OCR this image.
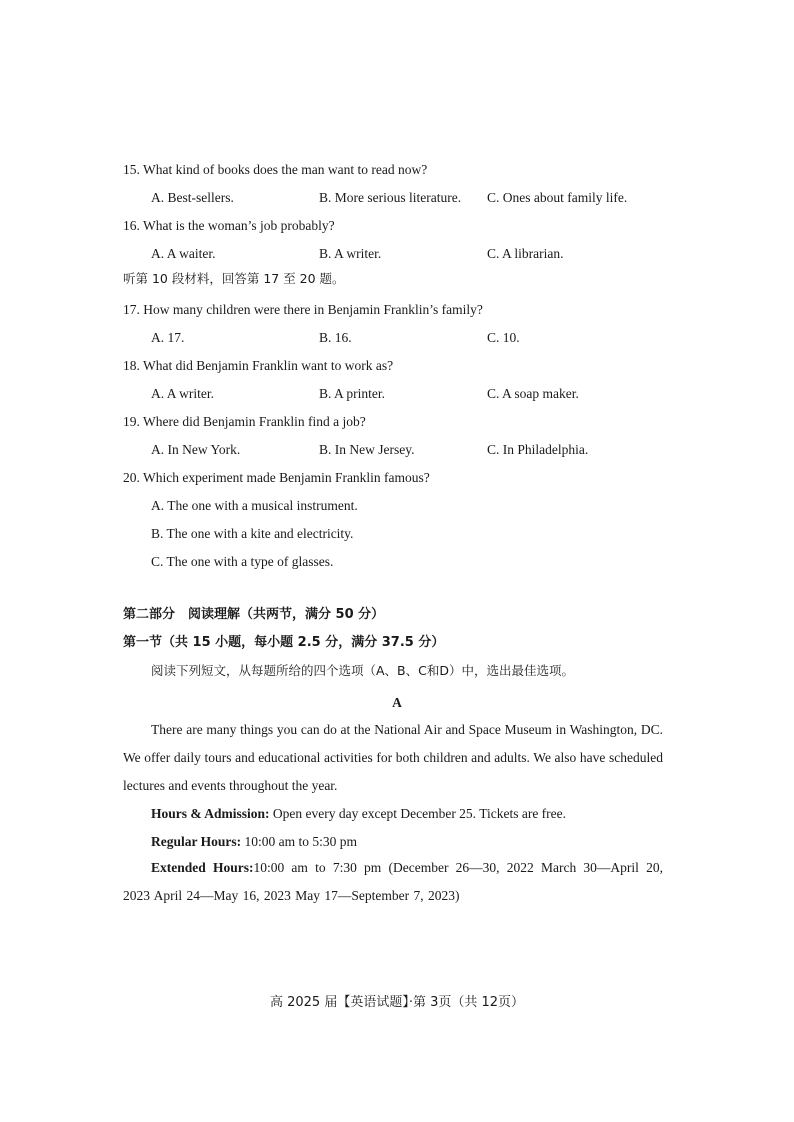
15. What kind of books does the man want to read now?
A. Best-sellers.	B. More serious literature. C. Ones about family life.
16. What is the woman’s job probably?
A. A waiter.	B. A writer.	C. A librarian.
听第 10 段材料，回答第 17 至 20 题。
17. How many children were there in Benjamin Franklin’s family?
A. 17.	B. 16.	C. 10.
18. What did Benjamin Franklin want to work as?
A. A writer.	B. A printer.	C. A soap maker.
19. Where did Benjamin Franklin find a job?
A. In New York.	B. In New Jersey.	C. In Philadelphia.
20. Which experiment made Benjamin Franklin famous?
A. The one with a musical instrument.
B. The one with a kite and electricity.
C. The one with a type of glasses.
第二部分　阅读理解（共两节，满分 50 分）
第一节（共 15 小题，每小题 2.5 分，满分 37.5 分）
阅读下列短文，从每题所给的四个选项（A、B、C和D）中，选出最佳选项。
A
There are many things you can do at the National Air and Space Museum in Washington, DC. We offer daily tours and educational activities for both children and adults. We also have scheduled lectures and events throughout the year.
Hours & Admission: Open every day except December 25. Tickets are free.
Regular Hours: 10:00 am to 5:30 pm
Extended Hours:10:00 am to 7:30 pm (December 26—30, 2022 March 30—April 20, 2023 April 24—May 16, 2023 May 17—September 7, 2023)
高 2025 届【英语试题】·第 3页（共 12页）
